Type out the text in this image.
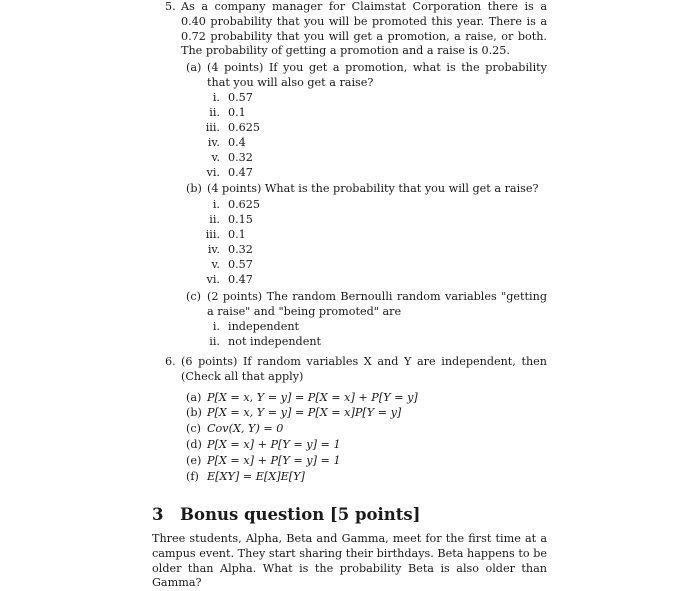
5. As a company manager for Claimstat Corporation there is a 0.40 probability that you will be promoted this year. There is a 0.72 probability that you will get a promotion, a raise, or both. The probability of getting a promotion and a raise is 0.25.
(a) (4 points) If you get a promotion, what is the probability that you will also get a raise?
i. 0.57
ii. 0.1
iii. 0.625
iv. 0.4
v. 0.32
vi. 0.47
(b) (4 points) What is the probability that you will get a raise?
i. 0.625
ii. 0.15
iii. 0.1
iv. 0.32
v. 0.57
vi. 0.47
(c) (2 points) The random Bernoulli random variables "getting a raise" and "being promoted" are
i. independent
ii. not independent
6. (6 points) If random variables X and Y are independent, then (Check all that apply)
(a) P[X = x, Y = y] = P[X = x] + P[Y = y]
(b) P[X = x, Y = y] = P[X = x]P[Y = y]
(c) Cov(X, Y) = 0
(d) P[X = x] + P[Y = y] = 1
(e) P[X = x] + P[Y = y] = 1
(f) E[XY] = E[X]E[Y]
3 Bonus question [5 points]
Three students, Alpha, Beta and Gamma, meet for the first time at a campus event. They start sharing their birthdays. Beta happens to be older than Alpha. What is the probability Beta is also older than Gamma?
